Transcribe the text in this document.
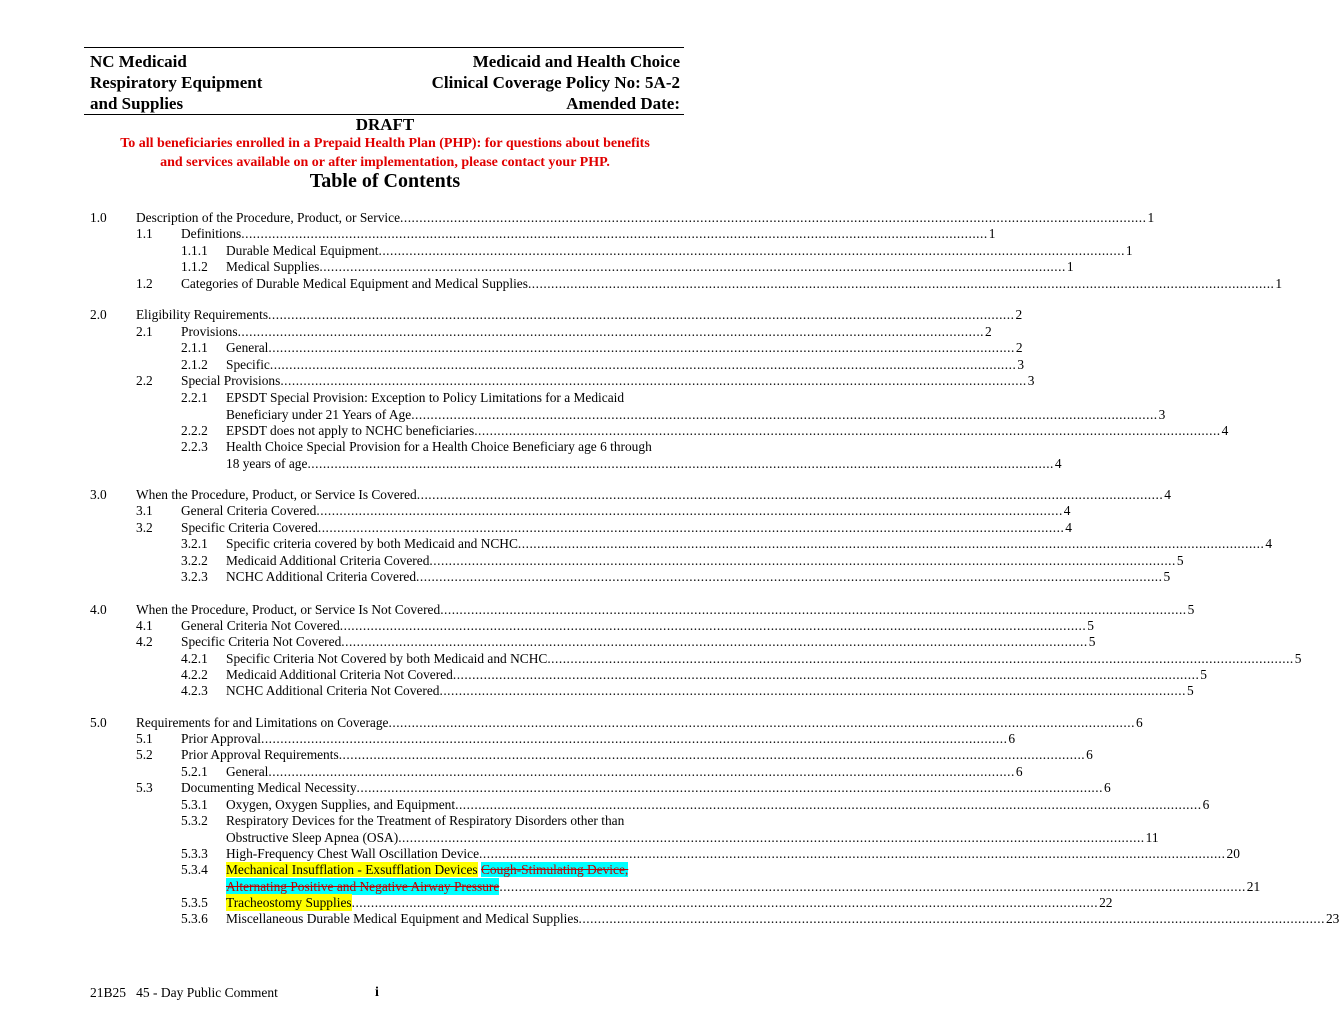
NC Medicaid
Respiratory Equipment
and Supplies
Medicaid and Health Choice
Clinical Coverage Policy No: 5A-2
Amended Date:
DRAFT
To all beneficiaries enrolled in a Prepaid Health Plan (PHP): for questions about benefits
and services available on or after implementation, please contact your PHP.
Table of Contents
1.0 Description of the Procedure, Product, or Service .................................................................................................................................................................................................. 1
1.1 Definitions .................................................................................................................................................................................................. 1
1.1.1 Durable Medical Equipment .................................................................................................................................................................................................. 1
1.1.2 Medical Supplies .................................................................................................................................................................................................. 1
1.2 Categories of Durable Medical Equipment and Medical Supplies .................................................................................................................................................................................................. 1
2.0 Eligibility Requirements .................................................................................................................................................................................................. 2
2.1 Provisions .................................................................................................................................................................................................. 2
2.1.1 General .................................................................................................................................................................................................. 2
2.1.2 Specific .................................................................................................................................................................................................. 3
2.2 Special Provisions .................................................................................................................................................................................................. 3
2.2.1 EPSDT Special Provision: Exception to Policy Limitations for a Medicaid
Beneficiary under 21 Years of Age .................................................................................................................................................................................................. 3
2.2.2 EPSDT does not apply to NCHC beneficiaries .................................................................................................................................................................................................. 4
2.2.3 Health Choice Special Provision for a Health Choice Beneficiary age 6 through
18 years of age .................................................................................................................................................................................................. 4
3.0 When the Procedure, Product, or Service Is Covered .................................................................................................................................................................................................. 4
3.1 General Criteria Covered .................................................................................................................................................................................................. 4
3.2 Specific Criteria Covered .................................................................................................................................................................................................. 4
3.2.1 Specific criteria covered by both Medicaid and NCHC .................................................................................................................................................................................................. 4
3.2.2 Medicaid Additional Criteria Covered .................................................................................................................................................................................................. 5
3.2.3 NCHC Additional Criteria Covered .................................................................................................................................................................................................. 5
4.0 When the Procedure, Product, or Service Is Not Covered .................................................................................................................................................................................................. 5
4.1 General Criteria Not Covered .................................................................................................................................................................................................. 5
4.2 Specific Criteria Not Covered .................................................................................................................................................................................................. 5
4.2.1 Specific Criteria Not Covered by both Medicaid and NCHC .................................................................................................................................................................................................. 5
4.2.2 Medicaid Additional Criteria Not Covered .................................................................................................................................................................................................. 5
4.2.3 NCHC Additional Criteria Not Covered .................................................................................................................................................................................................. 5
5.0 Requirements for and Limitations on Coverage .................................................................................................................................................................................................. 6
5.1 Prior Approval .................................................................................................................................................................................................. 6
5.2 Prior Approval Requirements .................................................................................................................................................................................................. 6
5.2.1 General .................................................................................................................................................................................................. 6
5.3 Documenting Medical Necessity .................................................................................................................................................................................................. 6
5.3.1 Oxygen, Oxygen Supplies, and Equipment .................................................................................................................................................................................................. 6
5.3.2 Respiratory Devices for the Treatment of Respiratory Disorders other than
Obstructive Sleep Apnea (OSA) .................................................................................................................................................................................................. 11
5.3.3 High-Frequency Chest Wall Oscillation Device .................................................................................................................................................................................................. 20
5.3.4 Mechanical Insufflation - Exsufflation Devices Cough-Stimulating Device,
Alternating Positive and Negative Airway Pressure .................................................................................................................................................................................................. 21
5.3.5 Tracheostomy Supplies .................................................................................................................................................................................................. 22
5.3.6 Miscellaneous Durable Medical Equipment and Medical Supplies .................................................................................................................................................................................................. 23
21B25   45 - Day Public Comment	i
